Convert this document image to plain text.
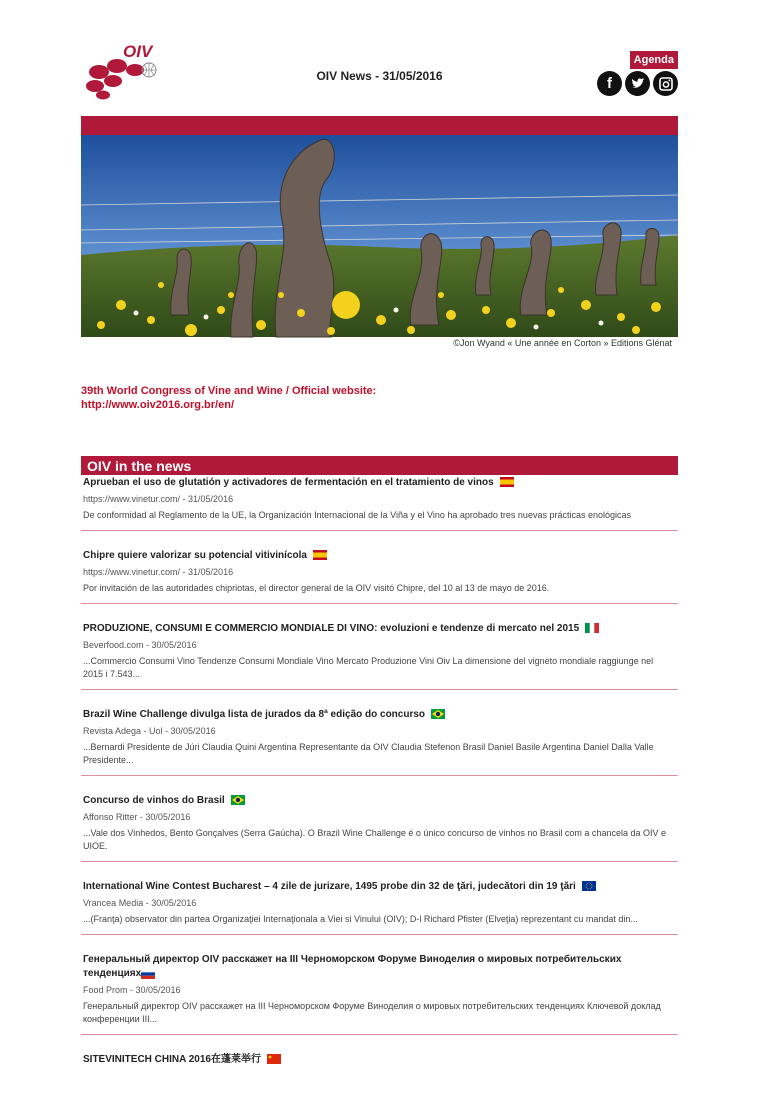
OIV
OIV News - 31/05/2016
Agenda
f
©Jon Wyand « Une année en Corton » Editions Glénat
39th World Congress of Vine and Wine / Official website: http://www.oiv2016.org.br/en/
OIV in the news
Aprueban el uso de glutatión y activadores de fermentación en el tratamiento de vinos
https://www.vinetur.com/ - 31/05/2016
De conformidad al Reglamento de la UE, la Organización Internacional de la Viña y el Vino ha aprobado tres nuevas prácticas enológicas
Chipre quiere valorizar su potencial vitivinícola
https://www.vinetur.com/ - 31/05/2016
Por invitación de las autoridades chipriotas, el director general de la OIV visitó Chipre, del 10 al 13 de mayo de 2016.
PRODUZIONE, CONSUMI E COMMERCIO MONDIALE DI VINO: evoluzioni e tendenze di mercato nel 2015
Beverfood.com - 30/05/2016
...Commercio Consumi Vino Tendenze Consumi Mondiale Vino Mercato Produzione Vini Oiv La dimensione del vigneto mondiale raggiunge nel 2015 i 7.543...
Brazil Wine Challenge divulga lista de jurados da 8ª edição do concurso
Revista Adega - Uol - 30/05/2016
...Bernardi Presidente de Júri Claudia Quini Argentina Representante da OIV Claudia Stefenon Brasil Daniel Basile Argentina Daniel Dalla Valle Presidente...
Concurso de vinhos do Brasil
Affonso Ritter - 30/05/2016
...Vale dos Vinhedos, Bento Gonçalves (Serra Gaúcha). O Brazil Wine Challenge é o único concurso de vinhos no Brasil com a chancela da OIV e UIOE.
International Wine Contest Bucharest – 4 zile de jurizare, 1495 probe din 32 de ţări, judecători din 19 ţări
Vrancea Media - 30/05/2016
...(Franţa) observator din partea Organizaţiei Internaţionala a Viei si Vinului (OIV); D-l Richard Pfister (Elveţia) reprezentant cu mandat din...
Генеральный директор OIV расскажет на III Черноморском Форуме Виноделия о мировых потребительских тенденциях
Food Prom - 30/05/2016
Генеральный директор OIV расскажет на III Черноморском Форуме Виноделия о мировых потребительских тенденциях Ключевой доклад конференции III...
SITEVINITECH CHINA 2016在蓬莱举行
